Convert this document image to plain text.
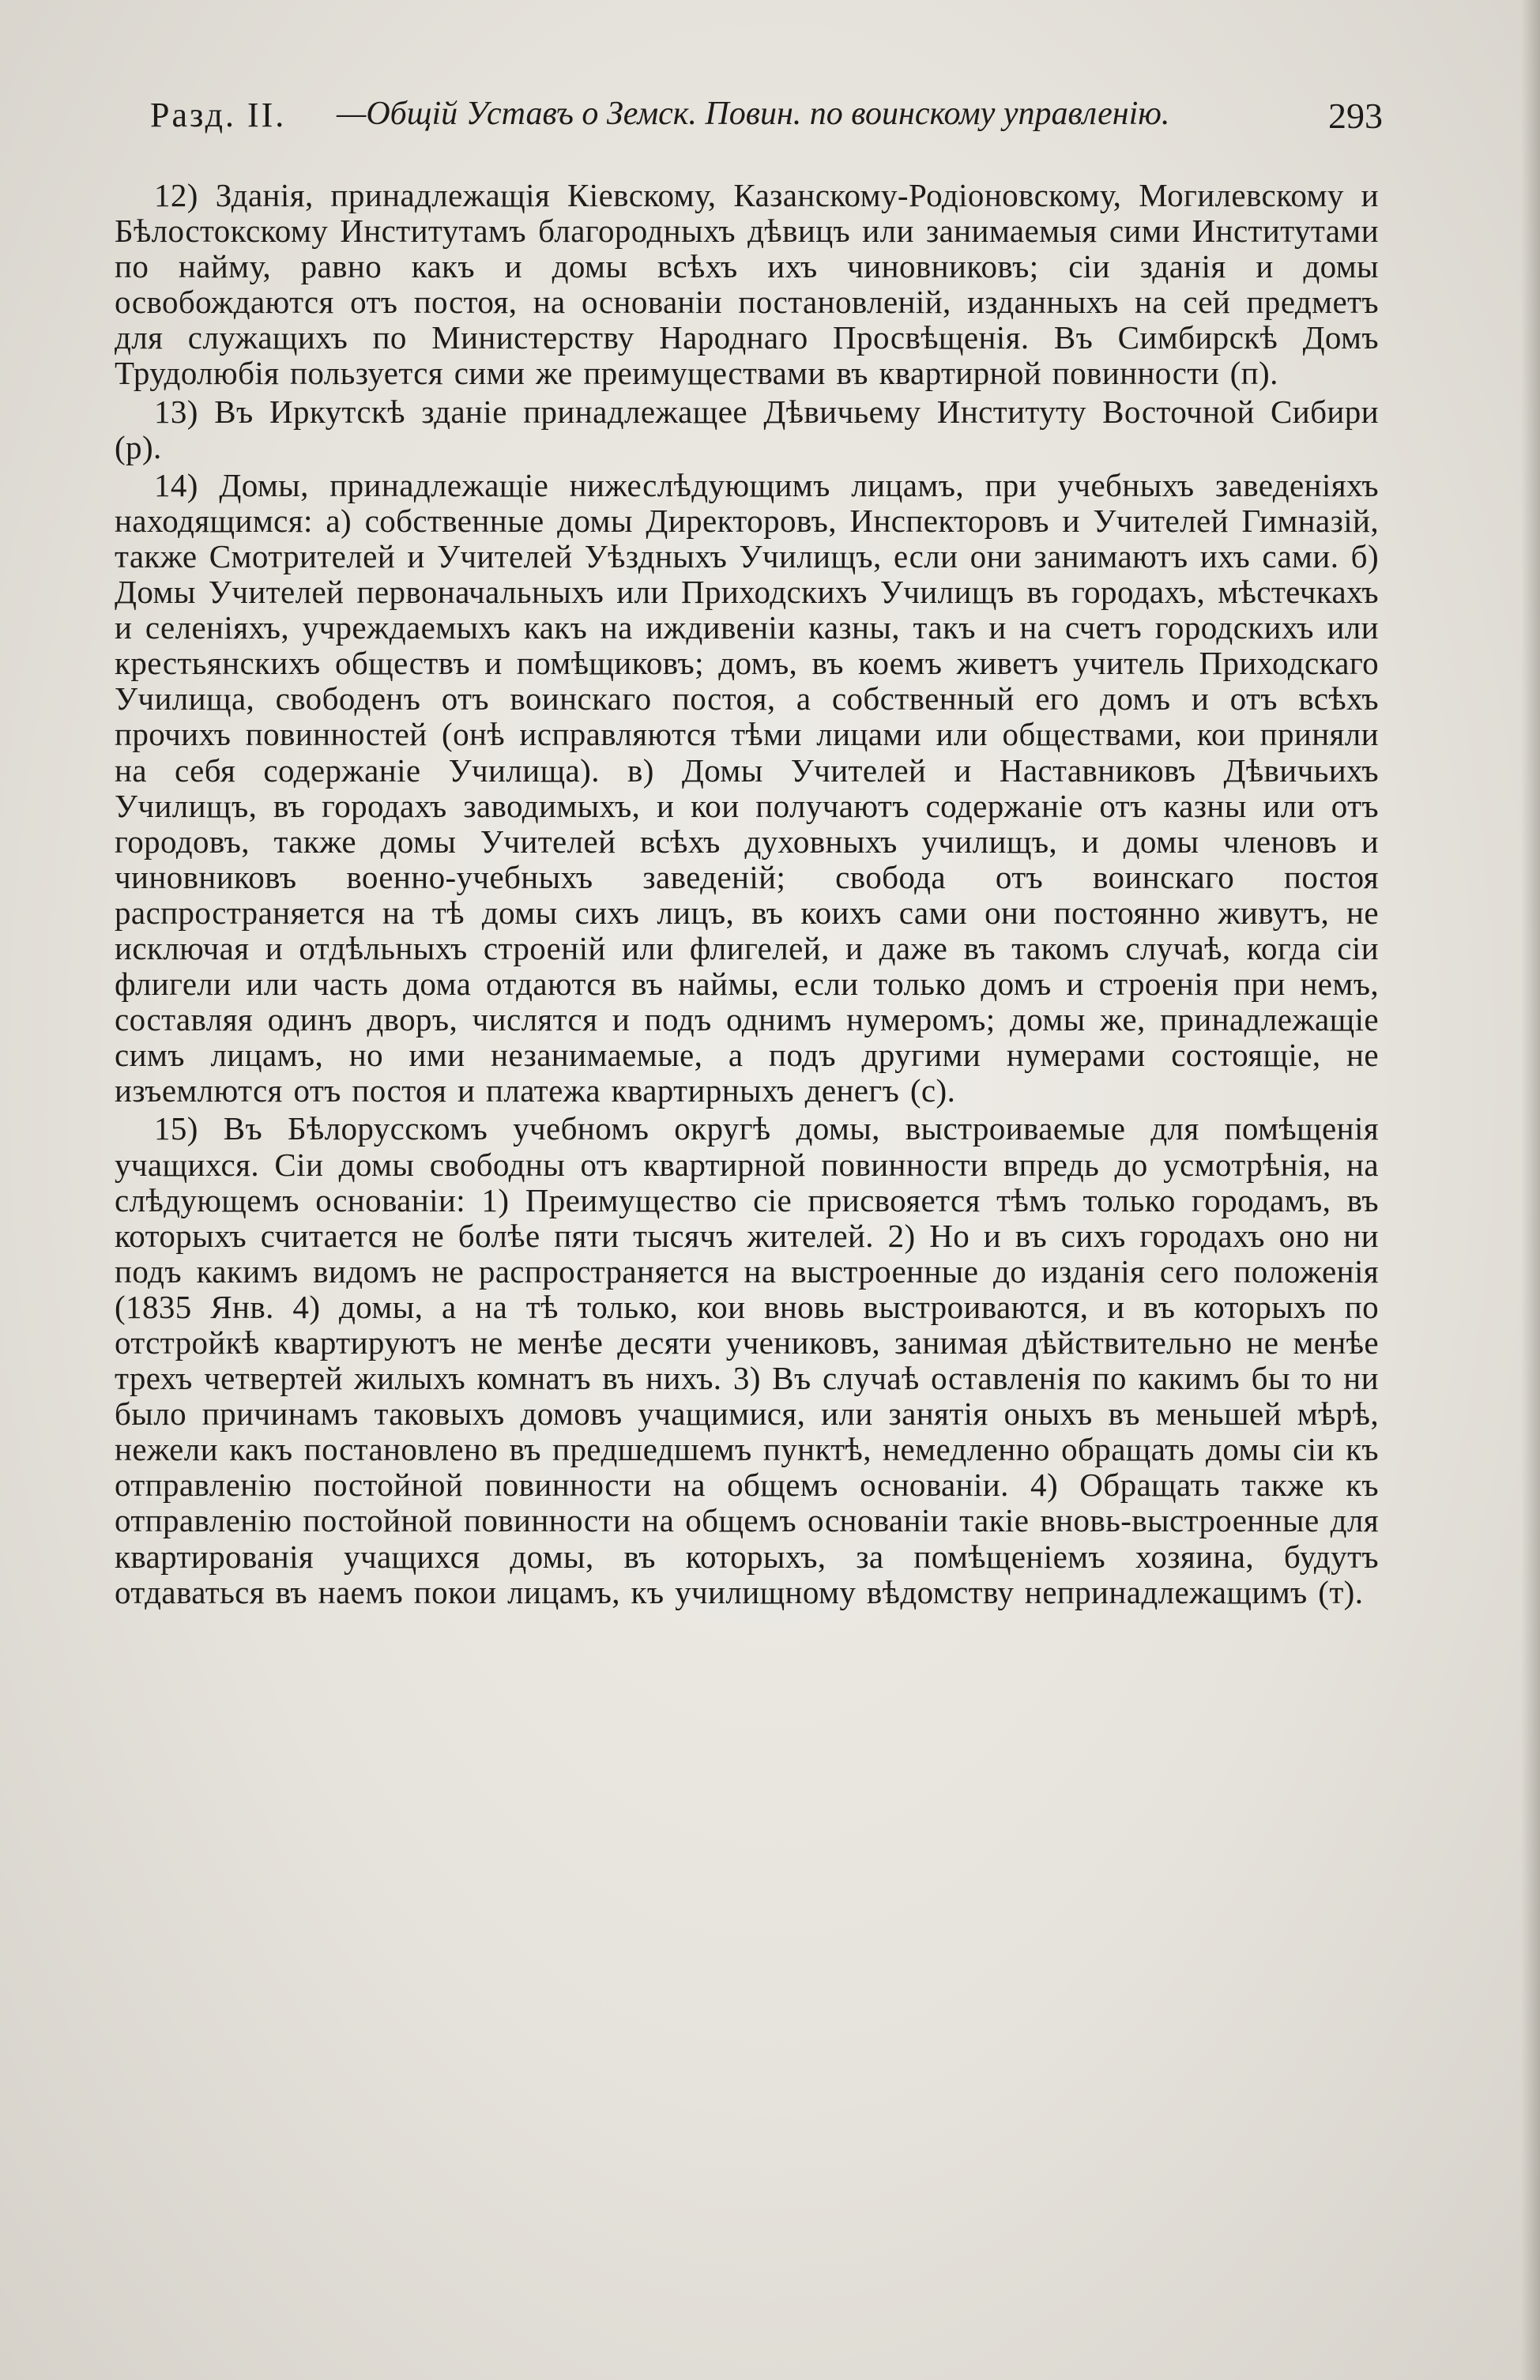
Разд. II. —Общій Уставъ о Земск. Повин. по воинскому управленію.	293

12) Зданія, принадлежащія Кіевскому, Казанскому-Родіоновскому, Могилевскому и Бѣлостокскому Институтамъ благородныхъ дѣвицъ или занимаемыя сими Институтами по найму, равно какъ и домы всѣхъ ихъ чиновниковъ; сіи зданія и домы освобождаются отъ постоя, на основаніи постановленій, изданныхъ на сей предметъ для служащихъ по Министерству Народнаго Просвѣщенія. Въ Симбирскѣ Домъ Трудолюбія пользуется сими же преимуществами въ квартирной повинности (п).

13) Въ Иркутскѣ зданіе принадлежащее Дѣвичьему Институту Восточной Сибири (р).

14) Домы, принадлежащіе нижеслѣдующимъ лицамъ, при учебныхъ заведеніяхъ находящимся: а) собственные домы Директоровъ, Инспекторовъ и Учителей Гимназій, также Смотрителей и Учителей Уѣздныхъ Училищъ, если они занимаютъ ихъ сами. б) Домы Учителей первоначальныхъ или Приходскихъ Училищъ въ городахъ, мѣстечкахъ и селеніяхъ, учреждаемыхъ какъ на иждивеніи казны, такъ и на счетъ городскихъ или крестьянскихъ обществъ и помѣщиковъ; домъ, въ коемъ живетъ учитель Приходскаго Училища, свободенъ отъ воинскаго постоя, а собственный его домъ и отъ всѣхъ прочихъ повинностей (онѣ исправляются тѣми лицами или обществами, кои приняли на себя содержаніе Училища). в) Домы Учителей и Наставниковъ Дѣвичьихъ Училищъ, въ городахъ заводимыхъ, и кои получаютъ содержаніе отъ казны или отъ городовъ, также домы Учителей всѣхъ духовныхъ училищъ, и домы членовъ и чиновниковъ военно-учебныхъ заведеній; свобода отъ воинскаго постоя распространяется на тѣ домы сихъ лицъ, въ коихъ сами они постоянно живутъ, не исключая и отдѣльныхъ строеній или флигелей, и даже въ такомъ случаѣ, когда сіи флигели или часть дома отдаются въ наймы, если только домъ и строенія при немъ, составляя одинъ дворъ, числятся и подъ однимъ нумеромъ; домы же, принадлежащіе симъ лицамъ, но ими незанимаемые, а подъ другими нумерами состоящіе, не изъемлются отъ постоя и платежа квартирныхъ денегъ (с).

15) Въ Бѣлорусскомъ учебномъ округѣ домы, выстроиваемые для помѣщенія учащихся. Сіи домы свободны отъ квартирной повинности впредь до усмотрѣнія, на слѣдующемъ основаніи: 1) Преимущество сіе присвояется тѣмъ только городамъ, въ которыхъ считается не болѣе пяти тысячъ жителей. 2) Но и въ сихъ городахъ оно ни подъ какимъ видомъ не распространяется на выстроенные до изданія сего положенія (1835 Янв. 4) домы, а на тѣ только, кои вновь выстроиваются, и въ которыхъ по отстройкѣ квартируютъ не менѣе десяти учениковъ, занимая дѣйствительно не менѣе трехъ четвертей жилыхъ комнатъ въ нихъ. 3) Въ случаѣ оставленія по какимъ бы то ни было причинамъ таковыхъ домовъ учащимися, или занятія оныхъ въ меньшей мѣрѣ, нежели какъ постановлено въ предшедшемъ пунктѣ, немедленно обращать домы сіи къ отправленію постойной повинности на общемъ основаніи. 4) Обращать также къ отправленію постойной повинности на общемъ основаніи такіе вновь-выстроенные для квартированія учащихся домы, въ которыхъ, за помѣщеніемъ хозяина, будутъ отдаваться въ наемъ покои лицамъ, къ училищному вѣдомству непринадлежащимъ (т).
